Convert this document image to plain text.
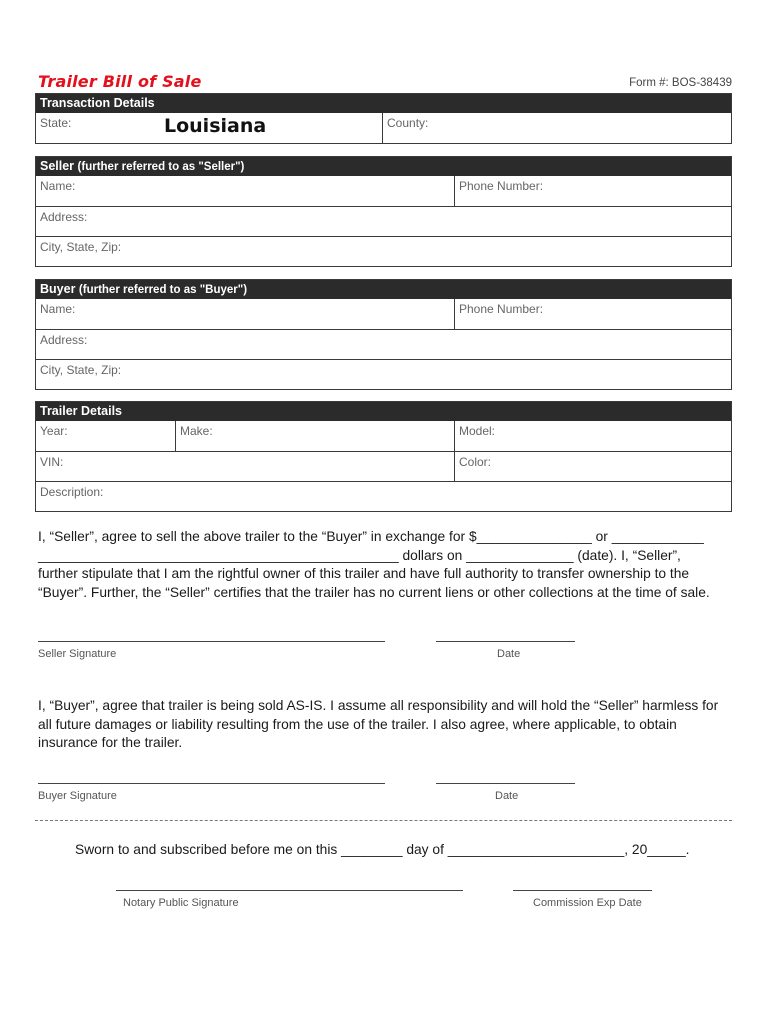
Trailer Bill of Sale	Form #: BOS-38439
Transaction Details
State:	Louisiana	County:
Seller (further referred to as "Seller")
Name:	Phone Number:
Address:
City, State, Zip:
Buyer (further referred to as "Buyer")
Name:	Phone Number:
Address:
City, State, Zip:
Trailer Details
Year:	Make:	Model:
VIN:	Color:
Description:
I, “Seller”, agree to sell the above trailer to the “Buyer” in exchange for $_______________ or ____________
_______________________________________________ dollars on ______________ (date). I, “Seller”,
further stipulate that I am the rightful owner of this trailer and have full authority to transfer ownership to the
“Buyer”. Further, the “Seller” certifies that the trailer has no current liens or other collections at the time of sale.
Seller Signature	Date
I, “Buyer”, agree that trailer is being sold AS-IS. I assume all responsibility and will hold the “Seller” harmless for
all future damages or liability resulting from the use of the trailer. I also agree, where applicable, to obtain
insurance for the trailer.
Buyer Signature	Date
Sworn to and subscribed before me on this ________ day of _______________________, 20_____.
Notary Public Signature	Commission Exp Date
